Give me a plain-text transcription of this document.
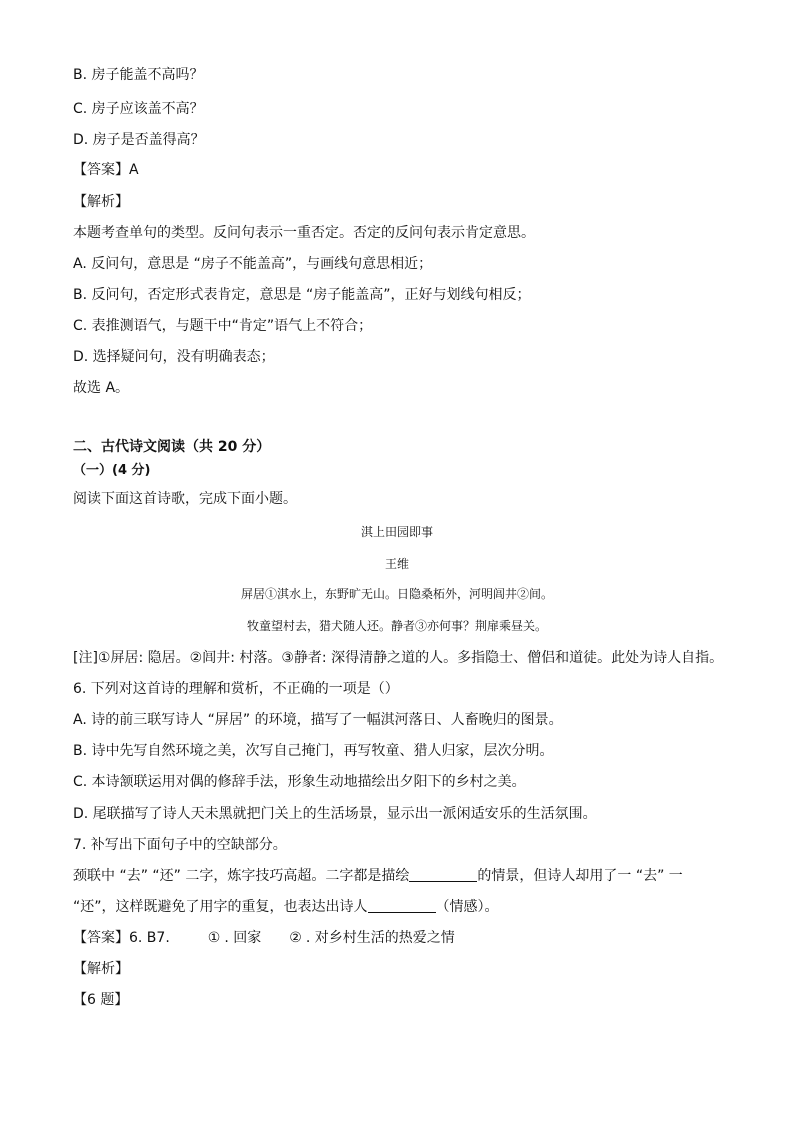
B. 房子能盖不高吗？
C. 房子应该盖不高？
D. 房子是否盖得高？
【答案】A
【解析】
本题考查单句的类型。反问句表示一重否定。否定的反问句表示肯定意思。
A. 反问句，意思是 “房子不能盖高”，与画线句意思相近；
B. 反问句，否定形式表肯定，意思是 “房子能盖高”，正好与划线句相反；
C. 表推测语气，与题干中“肯定”语气上不符合；
D. 选择疑问句，没有明确表态；
故选 A。
二、古代诗文阅读（共 20 分）
（一）(4 分)
阅读下面这首诗歌，完成下面小题。
淇上田园即事
王维
屏居①淇水上，东野旷无山。日隐桑柘外，河明闾井②间。
牧童望村去，猎犬随人还。静者③亦何事？荆扉乘昼关。
[注]①屏居: 隐居。②闾井: 村落。③静者: 深得清静之道的人。多指隐士、僧侣和道徒。此处为诗人自指。
6. 下列对这首诗的理解和赏析，不正确的一项是（）
A. 诗的前三联写诗人 “屏居” 的环境，描写了一幅淇河落日、人畜晚归的图景。
B. 诗中先写自然环境之美，次写自己掩门，再写牧童、猎人归家，层次分明。
C. 本诗颔联运用对偶的修辞手法，形象生动地描绘出夕阳下的乡村之美。
D. 尾联描写了诗人天未黑就把门关上的生活场景，显示出一派闲适安乐的生活氛围。
7. 补写出下面句子中的空缺部分。
颈联中 “去” “还” 二字，炼字技巧高超。二字都是描绘	的情景，但诗人却用了一 “去” 一
“还”，这样既避免了用字的重复，也表达出诗人	（情感）。
【答案】6. B7.	① . 回家 ② . 对乡村生活的热爱之情
【解析】
【6 题】
